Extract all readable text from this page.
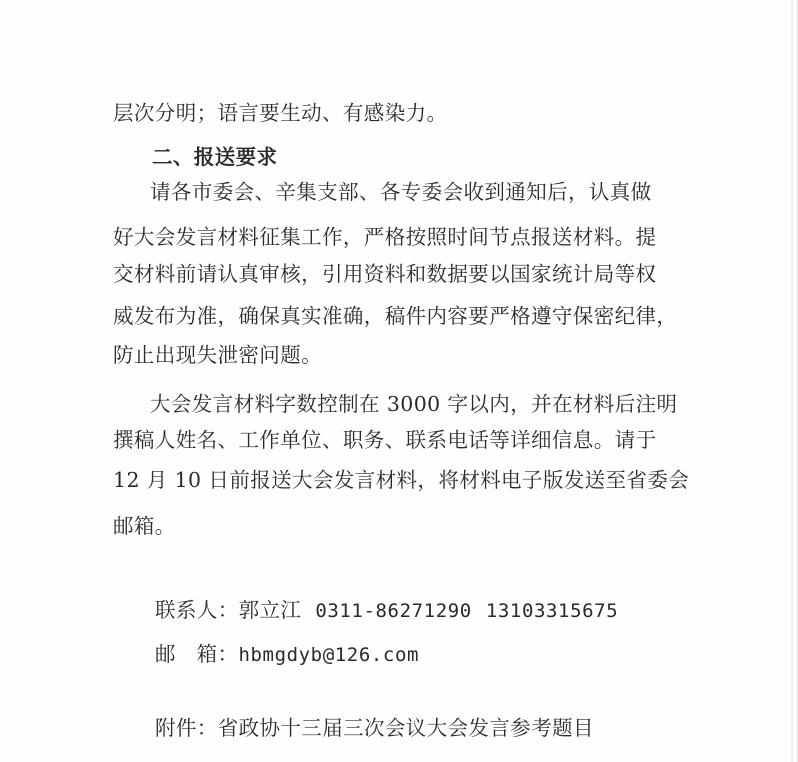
层次分明；语言要生动、有感染力。
二、报送要求
请各市委会、辛集支部、各专委会收到通知后，认真做
好大会发言材料征集工作，严格按照时间节点报送材料。提
交材料前请认真审核，引用资料和数据要以国家统计局等权
威发布为准，确保真实准确，稿件内容要严格遵守保密纪律，
防止出现失泄密问题。
大会发言材料字数控制在 3000 字以内，并在材料后注明
撰稿人姓名、工作单位、职务、联系电话等详细信息。请于
12 月 10 日前报送大会发言材料，将材料电子版发送至省委会
邮箱。
联系人：郭立江 0311-86271290 13103315675
邮   箱：hbmgdyb@126.com
附件：省政协十三届三次会议大会发言参考题目
